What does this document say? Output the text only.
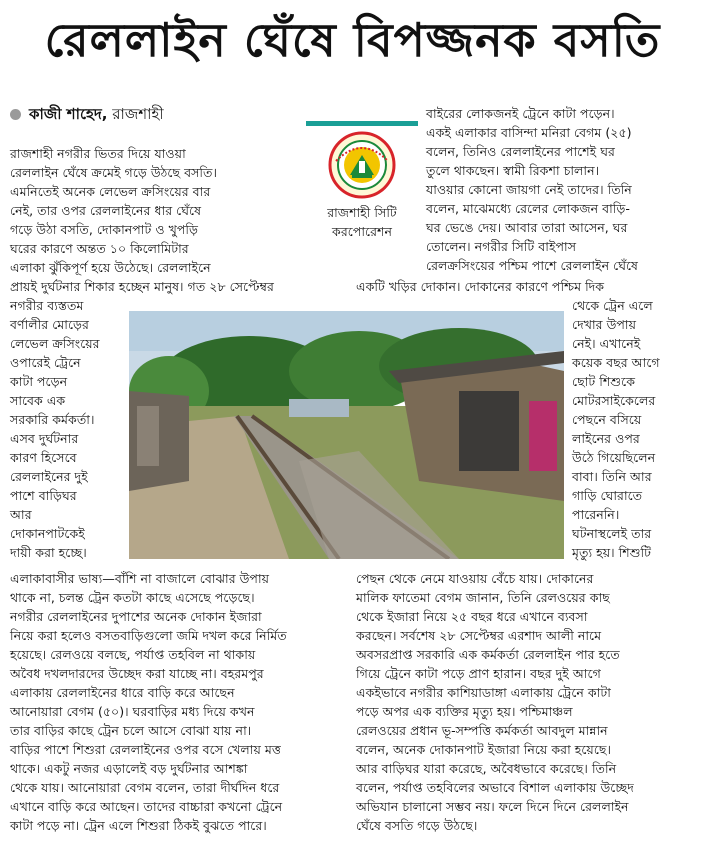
রেললাইন ঘেঁষে বিপজ্জনক বসতি
কাজী শাহেদ, রাজশাহী
রাজশাহী সিটি
করপোরেশন
রাজশাহী নগরীর ভিতর দিয়ে যাওয়া
রেললাইন ঘেঁষে ক্রমেই গড়ে উঠছে বসতি।
এমনিতেই অনেক লেভেল ক্রসিংয়ের বার
নেই, তার ওপর রেললাইনের ধার ঘেঁষে
গড়ে উঠা বসতি, দোকানপাট ও খুপড়ি
ঘরের কারণে অন্তত ১০ কিলোমিটার
এলাকা ঝুঁকিপূর্ণ হয়ে উঠেছে। রেললাইনে
প্রায়ই দুর্ঘটনার শিকার হচ্ছেন মানুষ। গত ২৮ সেপ্টেম্বর
নগরীর ব্যস্ততম
বর্ণালীর মোড়ের
লেভেল ক্রসিংয়ের
ওপারেই ট্রেনে
কাটা পড়েন
সাবেক এক
সরকারি কর্মকর্তা।
এসব দুর্ঘটনার
কারণ হিসেবে
রেললাইনের দুই
পাশে বাড়িঘর
আর
দোকানপাটকেই
দায়ী করা হচ্ছে।
এলাকাবাসীর ভাষ্য—বাঁশি না বাজালে বোঝার উপায়
থাকে না, চলন্ত ট্রেন কতটা কাছে এসেছে পড়েছে।
নগরীর রেললাইনের দুপাশের অনেক দোকান ইজারা
নিয়ে করা হলেও বসতবাড়িগুলো জমি দখল করে নির্মিত
হয়েছে। রেলওয়ে বলছে, পর্যাপ্ত তহবিল না থাকায়
অবৈধ দখলদারদের উচ্ছেদ করা যাচ্ছে না। বহরমপুর
এলাকায় রেললাইনের ধারে বাড়ি করে আছেন
আনোয়ারা বেগম (৫০)। ঘরবাড়ির মধ্য দিয়ে কখন
তার বাড়ির কাছে ট্রেন চলে আসে বোঝা যায় না।
বাড়ির পাশে শিশুরা রেললাইনের ওপর বসে খেলায় মত্ত
থাকে। একটু নজর এড়ালেই বড় দুর্ঘটনার আশঙ্কা
থেকে যায়। আনোয়ারা বেগম বলেন, তারা দীর্ঘদিন ধরে
এখানে বাড়ি করে আছেন। তাদের বাচ্চারা কখনো ট্রেনে
কাটা পড়ে না। ট্রেন এলে শিশুরা ঠিকই বুঝতে পারে।
বাইরের লোকজনই ট্রেনে কাটা পড়েন।
একই এলাকার বাসিন্দা মনিরা বেগম (২৫)
বলেন, তিনিও রেললাইনের পাশেই ঘর
তুলে থাকছেন। স্বামী রিকশা চালান।
যাওয়ার কোনো জায়গা নেই তাদের। তিনি
বলেন, মাঝেমধ্যে রেলের লোকজন বাড়ি-
ঘর ভেঙে দেয়। আবার তারা আসেন, ঘর
তোলেন। নগরীর সিটি বাইপাস
রেলক্রসিংয়ের পশ্চিম পাশে রেললাইন ঘেঁষে
একটি খড়ির দোকান। দোকানের কারণে পশ্চিম দিক
থেকে ট্রেন এলে
দেখার উপায়
নেই। এখানেই
কয়েক বছর আগে
ছোট শিশুকে
মোটরসাইকেলের
পেছনে বসিয়ে
লাইনের ওপর
উঠে গিয়েছিলেন
বাবা। তিনি আর
গাড়ি ঘোরাতে
পারেননি।
ঘটনাস্থলেই তার
মৃত্যু হয়। শিশুটি
পেছন থেকে নেমে যাওয়ায় বেঁচে যায়। দোকানের
মালিক ফাতেমা বেগম জানান, তিনি রেলওয়ের কাছ
থেকে ইজারা নিয়ে ২৫ বছর ধরে এখানে ব্যবসা
করছেন। সর্বশেষ ২৮ সেপ্টেম্বর এরশাদ আলী নামে
অবসরপ্রাপ্ত সরকারি এক কর্মকর্তা রেললাইন পার হতে
গিয়ে ট্রেনে কাটা পড়ে প্রাণ হারান। বছর দুই আগে
একইভাবে নগরীর কাশিয়াডাঙ্গা এলাকায় ট্রেনে কাটা
পড়ে অপর এক ব্যক্তির মৃত্যু হয়। পশ্চিমাঞ্চল
রেলওয়ের প্রধান ভূ-সম্পত্তি কর্মকর্তা আবদুল মান্নান
বলেন, অনেক দোকানপাট ইজারা নিয়ে করা হয়েছে।
আর বাড়িঘর যারা করেছে, অবৈধভাবে করেছে। তিনি
বলেন, পর্যাপ্ত তহবিলের অভাবে বিশাল এলাকায় উচ্ছেদ
অভিযান চালানো সম্ভব নয়। ফলে দিনে দিনে রেললাইন
ঘেঁষে বসতি গড়ে উঠছে।
